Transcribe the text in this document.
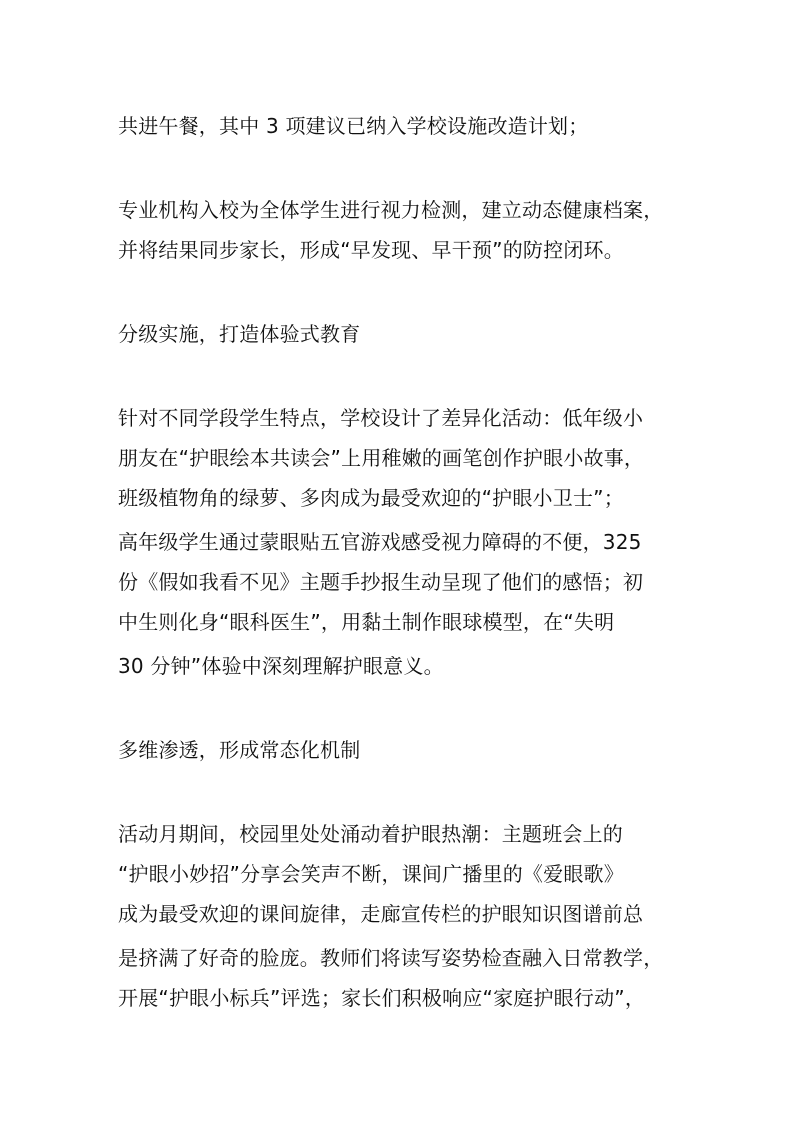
共进午餐，其中 3 项建议已纳入学校设施改造计划；
专业机构入校为全体学生进行视力检测，建立动态健康档案，
并将结果同步家长，形成“早发现、早干预”的防控闭环。
分级实施，打造体验式教育
针对不同学段学生特点，学校设计了差异化活动：低年级小
朋友在“护眼绘本共读会”上用稚嫩的画笔创作护眼小故事，
班级植物角的绿萝、多肉成为最受欢迎的“护眼小卫士”；
高年级学生通过蒙眼贴五官游戏感受视力障碍的不便，325
份《假如我看不见》主题手抄报生动呈现了他们的感悟；初
中生则化身“眼科医生”，用黏土制作眼球模型，在“失明
30 分钟”体验中深刻理解护眼意义。
多维渗透，形成常态化机制
活动月期间，校园里处处涌动着护眼热潮：主题班会上的
“护眼小妙招”分享会笑声不断，课间广播里的《爱眼歌》
成为最受欢迎的课间旋律，走廊宣传栏的护眼知识图谱前总
是挤满了好奇的脸庞。教师们将读写姿势检查融入日常教学，
开展“护眼小标兵”评选；家长们积极响应“家庭护眼行动”，
